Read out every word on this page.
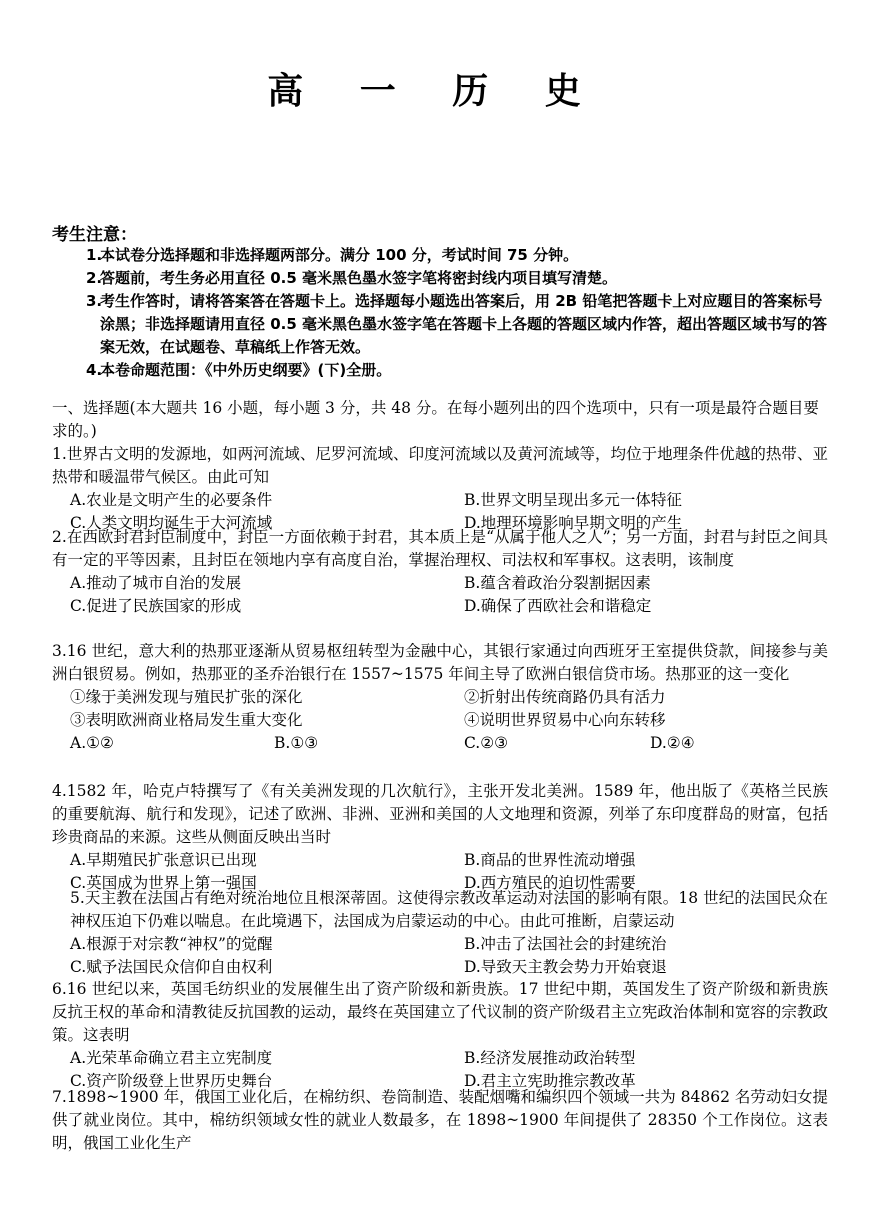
高 一 历 史
考生注意：
1.
本试卷分选择题和非选择题两部分。满分 100 分，考试时间 75 分钟。
2.
答题前，考生务必用直径 0.5 毫米黑色墨水签字笔将密封线内项目填写清楚。
3.
考生作答时，请将答案答在答题卡上。选择题每小题选出答案后，用 2B 铅笔把答题卡上对应题目的答案标号涂黑；非选择题请用直径 0.5 毫米黑色墨水签字笔在答题卡上各题的答题区域内作答，超出答题区域书写的答案无效，在试题卷、草稿纸上作答无效。
4.
本卷命题范围：《中外历史纲要》(下)全册。
一、选择题(本大题共 16 小题，每小题 3 分，共 48 分。在每小题列出的四个选项中，只有一项是最符合题目要求的。)
1.世界古文明的发源地，如两河流域、尼罗河流域、印度河流域以及黄河流域等，均位于地理条件优越的热带、亚热带和暖温带气候区。由此可知
A.农业是文明产生的必要条件	B.世界文明呈现出多元一体特征
C.人类文明均诞生于大河流域	D.地理环境影响早期文明的产生
2.在西欧封君封臣制度中，封臣一方面依赖于封君，其本质上是“从属于他人之人”；另一方面，封君与封臣之间具有一定的平等因素，且封臣在领地内享有高度自治，掌握治理权、司法权和军事权。这表明，该制度
A.推动了城市自治的发展	B.蕴含着政治分裂割据因素
C.促进了民族国家的形成	D.确保了西欧社会和谐稳定
3.16 世纪，意大利的热那亚逐渐从贸易枢纽转型为金融中心，其银行家通过向西班牙王室提供贷款，间接参与美洲白银贸易。例如，热那亚的圣乔治银行在 1557~1575 年间主导了欧洲白银信贷市场。热那亚的这一变化
①缘于美洲发现与殖民扩张的深化	②折射出传统商路仍具有活力
③表明欧洲商业格局发生重大变化	④说明世界贸易中心向东转移
A.①②	B.①③	C.②③	D.②④
4.1582 年，哈克卢特撰写了《有关美洲发现的几次航行》，主张开发北美洲。1589 年，他出版了《英格兰民族的重要航海、航行和发现》，记述了欧洲、非洲、亚洲和美国的人文地理和资源，列举了东印度群岛的财富，包括珍贵商品的来源。这些从侧面反映出当时
A.早期殖民扩张意识已出现	B.商品的世界性流动增强
C.英国成为世界上第一强国	D.西方殖民的迫切性需要
5.天主教在法国占有绝对统治地位且根深蒂固。这使得宗教改革运动对法国的影响有限。18 世纪的法国民众在神权压迫下仍难以喘息。在此境遇下，法国成为启蒙运动的中心。由此可推断，启蒙运动
A.根源于对宗教“神权”的觉醒	B.冲击了法国社会的封建统治
C.赋予法国民众信仰自由权利	D.导致天主教会势力开始衰退
6.16 世纪以来，英国毛纺织业的发展催生出了资产阶级和新贵族。17 世纪中期，英国发生了资产阶级和新贵族反抗王权的革命和清教徒反抗国教的运动，最终在英国建立了代议制的资产阶级君主立宪政治体制和宽容的宗教政策。这表明
A.光荣革命确立君主立宪制度	B.经济发展推动政治转型
C.资产阶级登上世界历史舞台	D.君主立宪助推宗教改革
7.1898~1900 年，俄国工业化后，在棉纺织、卷筒制造、装配烟嘴和编织四个领域一共为 84862 名劳动妇女提供了就业岗位。其中，棉纺织领域女性的就业人数最多，在 1898~1900 年间提供了 28350 个工作岗位。这表明，俄国工业化生产
